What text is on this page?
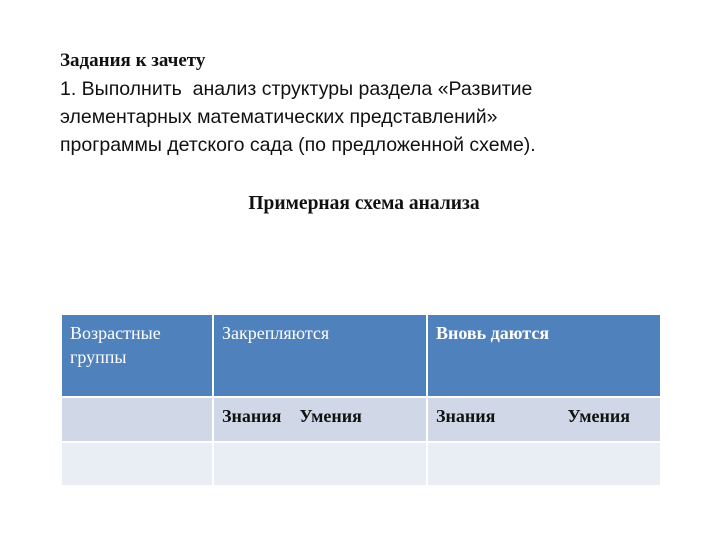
Задания к зачету

1. Выполнить  анализ структуры раздела «Развитие
элементарных математических представлений»
программы детского сада (по предложенной схеме).

Примерная схема анализа

Возрастные группы	Закрепляются	Вновь даются

	Знания Умения	Знания Умения
